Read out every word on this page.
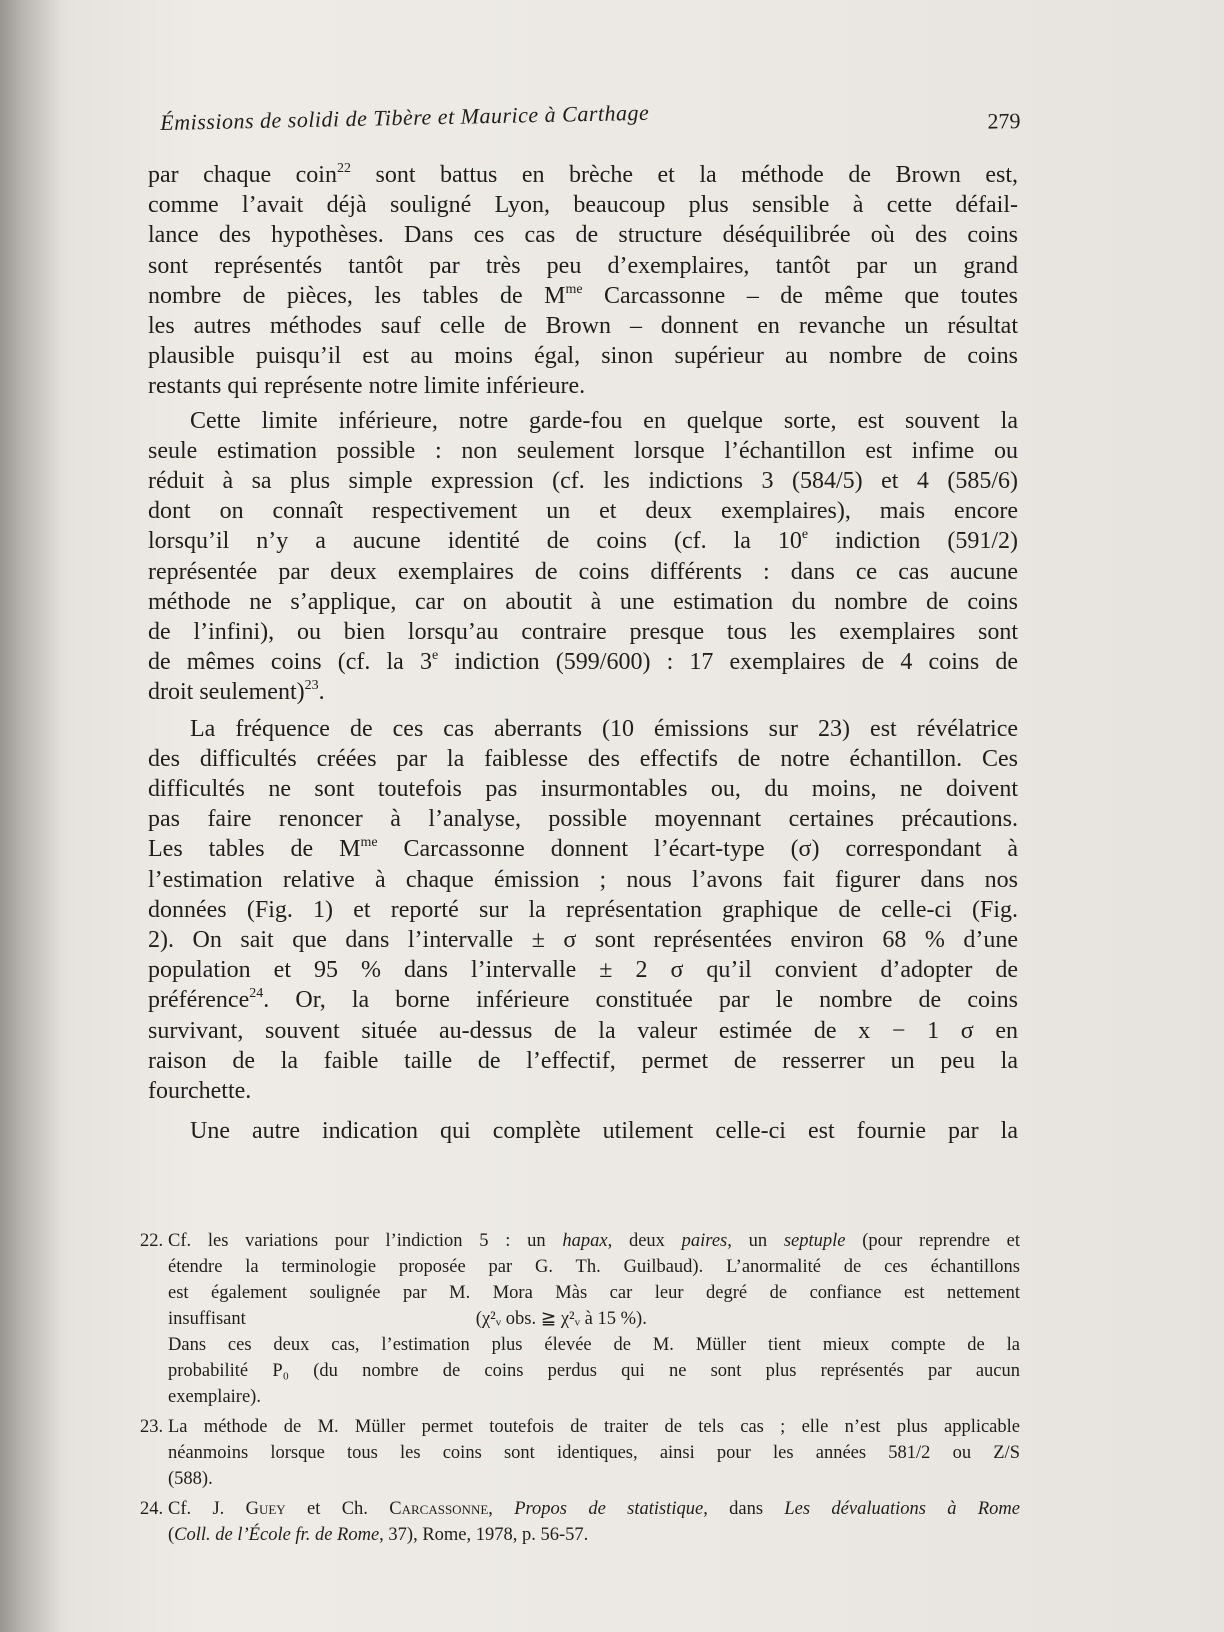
Émissions de solidi de Tibère et Maurice à Carthage	279

par chaque coin$^{22}$ sont battus en brèche et la méthode de Brown est,
comme l’avait déjà souligné Lyon, beaucoup plus sensible à cette défail-
lance des hypothèses. Dans ces cas de structure déséquilibrée où des coins
sont représentés tantôt par très peu d’exemplaires, tantôt par un grand
nombre de pièces, les tables de $M^{me}$ Carcassonne – de même que toutes
les autres méthodes sauf celle de Brown – donnent en revanche un résultat
plausible puisqu’il est au moins égal, sinon supérieur au nombre de coins
restants qui représente notre limite inférieure.

Cette limite inférieure, notre garde-fou en quelque sorte, est souvent la
seule estimation possible : non seulement lorsque l’échantillon est infime ou
réduit à sa plus simple expression (cf. les indictions 3 (584/5) et 4 (585/6)
dont on connaît respectivement un et deux exemplaires), mais encore
lorsqu’il n’y a aucune identité de coins (cf. la 10e indiction (591/2)
représentée par deux exemplaires de coins différents : dans ce cas aucune
méthode ne s’applique, car on aboutit à une estimation du nombre de coins
de l’infini), ou bien lorsqu’au contraire presque tous les exemplaires sont
de mêmes coins (cf. la 3e indiction (599/600) : 17 exemplaires de 4 coins de
droit seulement)$^{23}$.

La fréquence de ces cas aberrants (10 émissions sur 23) est révélatrice
des difficultés créées par la faiblesse des effectifs de notre échantillon. Ces
difficultés ne sont toutefois pas insurmontables ou, du moins, ne doivent
pas faire renoncer à l’analyse, possible moyennant certaines précautions.
Les tables de $M^{me}$ Carcassonne donnent l’écart-type (σ) correspondant à
l’estimation relative à chaque émission ; nous l’avons fait figurer dans nos
données (Fig. 1) et reporté sur la représentation graphique de celle-ci (Fig.
2). On sait que dans l’intervalle ± σ sont représentées environ 68 % d’une
population et 95 % dans l’intervalle ± 2 σ qu’il convient d’adopter de
préférence$^{24}$. Or, la borne inférieure constituée par le nombre de coins
survivant, souvent située au-dessus de la valeur estimée de x − 1 σ en
raison de la faible taille de l’effectif, permet de resserrer un peu la
fourchette.

Une autre indication qui complète utilement celle-ci est fournie par la

22. Cf. les variations pour l’indiction 5 : un hapax, deux paires, un septuple (pour reprendre et
étendre la terminologie proposée par G. Th. Guilbaud). L’anormalité de ces échantillons
est également soulignée par M. Mora Màs car leur degré de confiance est nettement
insuffisant	(χ²ᵥ obs. ≧ χ²ᵥ à 15 %).
Dans ces deux cas, l’estimation plus élevée de M. Müller tient mieux compte de la
probabilité P₀ (du nombre de coins perdus qui ne sont plus représentés par aucun
exemplaire).
23. La méthode de M. Müller permet toutefois de traiter de tels cas ; elle n’est plus applicable
néanmoins lorsque tous les coins sont identiques, ainsi pour les années 581/2 ou Z/S
(588).
24. Cf. J. Guey et Ch. Carcassonne, Propos de statistique, dans Les dévaluations à Rome
(Coll. de l’École fr. de Rome, 37), Rome, 1978, p. 56-57.
